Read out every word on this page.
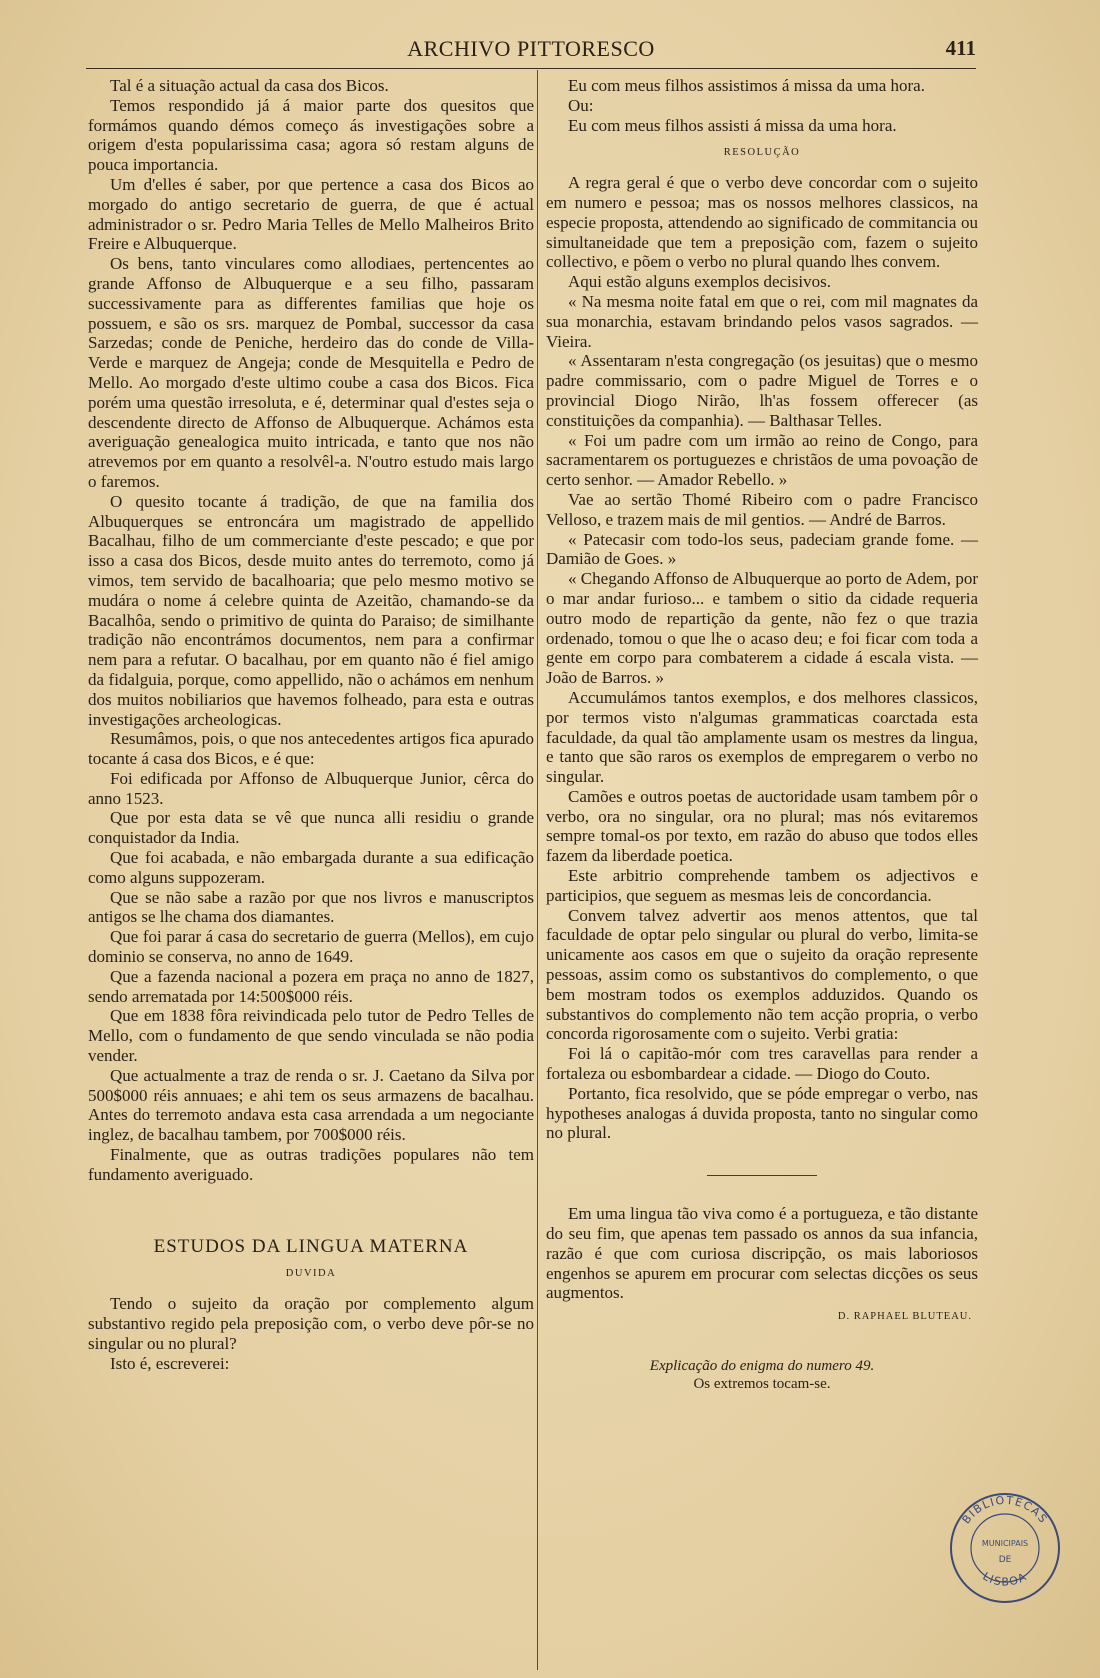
ARCHIVO PITTORESCO	411

Tal é a situação actual da casa dos Bicos.

Temos respondido já á maior parte dos quesitos que formámos quando démos começo ás investigações sobre a origem d'esta popularissima casa; agora só restam alguns de pouca importancia.

Um d'elles é saber, por que pertence a casa dos Bicos ao morgado do antigo secretario de guerra, de que é actual administrador o sr. Pedro Maria Telles de Mello Malheiros Brito Freire e Albuquerque.

Os bens, tanto vinculares como allodiaes, pertencentes ao grande Affonso de Albuquerque e a seu filho, passaram successivamente para as differentes familias que hoje os possuem, e são os srs. marquez de Pombal, successor da casa Sarzedas; conde de Peniche, herdeiro das do conde de Villa-Verde e marquez de Angeja; conde de Mesquitella e Pedro de Mello. Ao morgado d'este ultimo coube a casa dos Bicos. Fica porém uma questão irresoluta, e é, determinar qual d'estes seja o descendente directo de Affonso de Albuquerque. Achámos esta averiguação genealogica muito intricada, e tanto que nos não atrevemos por em quanto a resolvêl-a. N'outro estudo mais largo o faremos.

O quesito tocante á tradição, de que na familia dos Albuquerques se entroncára um magistrado de appellido Bacalhau, filho de um commerciante d'este pescado; e que por isso a casa dos Bicos, desde muito antes do terremoto, como já vimos, tem servido de bacalhoaria; que pelo mesmo motivo se mudára o nome á celebre quinta de Azeitão, chamando-se da Bacalhôa, sendo o primitivo de quinta do Paraiso; de similhante tradição não encontrámos documentos, nem para a confirmar nem para a refutar. O bacalhau, por em quanto não é fiel amigo da fidalguia, porque, como appellido, não o achámos em nenhum dos muitos nobiliarios que havemos folheado, para esta e outras investigações archeologicas.

Resumâmos, pois, o que nos antecedentes artigos fica apurado tocante á casa dos Bicos, e é que:

Foi edificada por Affonso de Albuquerque Junior, cêrca do anno 1523.

Que por esta data se vê que nunca alli residiu o grande conquistador da India.

Que foi acabada, e não embargada durante a sua edificação como alguns suppozeram.

Que se não sabe a razão por que nos livros e manuscriptos antigos se lhe chama dos diamantes.

Que foi parar á casa do secretario de guerra (Mellos), em cujo dominio se conserva, no anno de 1649.

Que a fazenda nacional a pozera em praça no anno de 1827, sendo arrematada por 14:500$000 réis.

Que em 1838 fôra reivindicada pelo tutor de Pedro Telles de Mello, com o fundamento de que sendo vinculada se não podia vender.

Que actualmente a traz de renda o sr. J. Caetano da Silva por 500$000 réis annuaes; e ahi tem os seus armazens de bacalhau. Antes do terremoto andava esta casa arrendada a um negociante inglez, de bacalhau tambem, por 700$000 réis.

Finalmente, que as outras tradições populares não tem fundamento averiguado.

ESTUDOS DA LINGUA MATERNA
DUVIDA

Tendo o sujeito da oração por complemento algum substantivo regido pela preposição com, o verbo deve pôr-se no singular ou no plural?

Isto é, escreverei:

Eu com meus filhos assistimos á missa da uma hora.

Ou:

Eu com meus filhos assisti á missa da uma hora.

RESOLUÇÃO

A regra geral é que o verbo deve concordar com o sujeito em numero e pessoa; mas os nossos melhores classicos, na especie proposta, attendendo ao significado de commitancia ou simultaneidade que tem a preposição com, fazem o sujeito collectivo, e põem o verbo no plural quando lhes convem.

Aqui estão alguns exemplos decisivos.

« Na mesma noite fatal em que o rei, com mil magnates da sua monarchia, estavam brindando pelos vasos sagrados. — Vieira.

« Assentaram n'esta congregação (os jesuitas) que o mesmo padre commissario, com o padre Miguel de Torres e o provincial Diogo Nirão, lh'as fossem offerecer (as constituições da companhia). — Balthasar Telles.

« Foi um padre com um irmão ao reino de Congo, para sacramentarem os portuguezes e christãos de uma povoação de certo senhor. — Amador Rebello. »

Vae ao sertão Thomé Ribeiro com o padre Francisco Velloso, e trazem mais de mil gentios. — André de Barros.

« Patecasir com todo-los seus, padeciam grande fome. — Damião de Goes. »

« Chegando Affonso de Albuquerque ao porto de Adem, por o mar andar furioso... e tambem o sitio da cidade requeria outro modo de repartição da gente, não fez o que trazia ordenado, tomou o que lhe o acaso deu; e foi ficar com toda a gente em corpo para combaterem a cidade á escala vista. — João de Barros. »

Accumulámos tantos exemplos, e dos melhores classicos, por termos visto n'algumas grammaticas coarctada esta faculdade, da qual tão amplamente usam os mestres da lingua, e tanto que são raros os exemplos de empregarem o verbo no singular.

Camões e outros poetas de auctoridade usam tambem pôr o verbo, ora no singular, ora no plural; mas nós evitaremos sempre tomal-os por texto, em razão do abuso que todos elles fazem da liberdade poetica.

Este arbitrio comprehende tambem os adjectivos e participios, que seguem as mesmas leis de concordancia.

Convem talvez advertir aos menos attentos, que tal faculdade de optar pelo singular ou plural do verbo, limita-se unicamente aos casos em que o sujeito da oração represente pessoas, assim como os substantivos do complemento, o que bem mostram todos os exemplos adduzidos. Quando os substantivos do complemento não tem acção propria, o verbo concorda rigorosamente com o sujeito. Verbi gratia:

Foi lá o capitão-mór com tres caravellas para render a fortaleza ou esbombardear a cidade. — Diogo do Couto.

Portanto, fica resolvido, que se póde empregar o verbo, nas hypotheses analogas á duvida proposta, tanto no singular como no plural.

Em uma lingua tão viva como é a portugueza, e tão distante do seu fim, que apenas tem passado os annos da sua infancia, razão é que com curiosa discripção, os mais laboriosos engenhos se apurem em procurar com selectas dicções os seus augmentos.

D. RAPHAEL BLUTEAU.
Explicação do enigma do numero 49.
Os extremos tocam-se.
BIBLIOTECAS
MUNICIPAIS
DE
LISBOA
